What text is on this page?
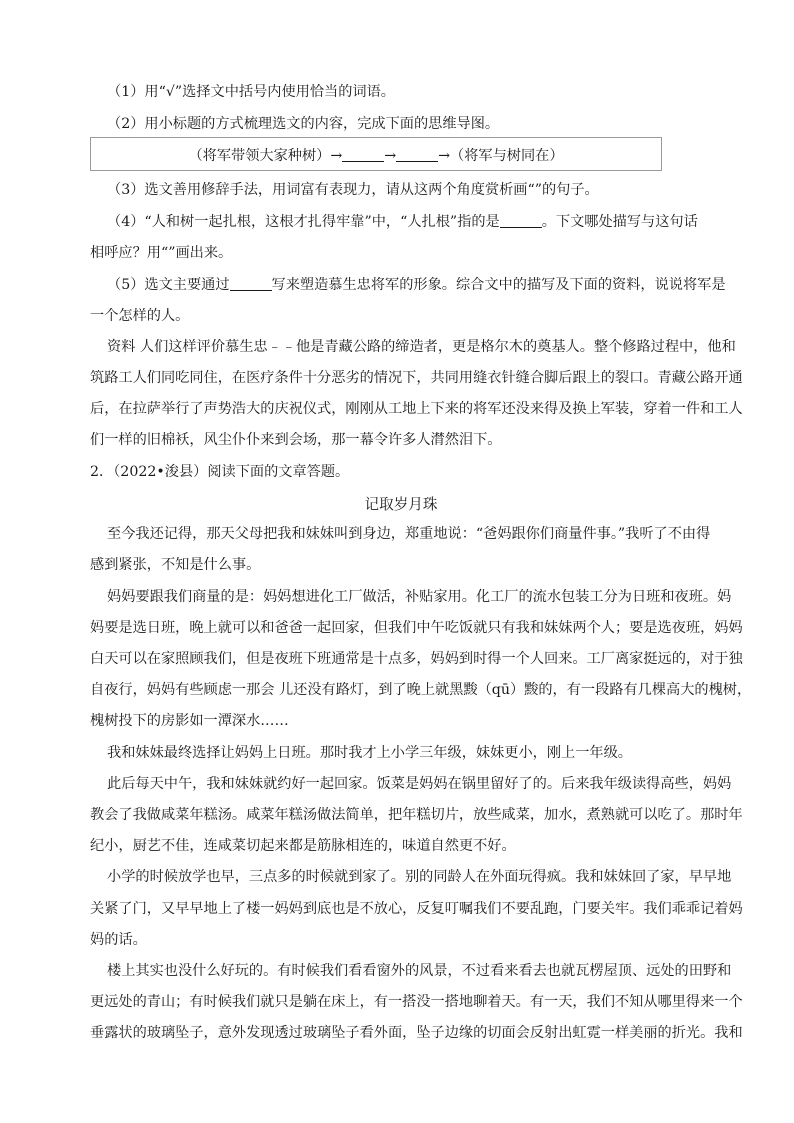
（1）用“√”选择文中括号内使用恰当的词语。
（2）用小标题的方式梳理选文的内容，完成下面的思维导图。
（将军带领大家种树）→	→	→（将军与树同在）
（3）选文善用修辞手法，用词富有表现力，请从这两个角度赏析画“”的句子。
（4）“人和树一起扎根，这根才扎得牢靠”中，“人扎根”指的是	。下文哪处描写与这句话
相呼应？用“”画出来。
（5）选文主要通过	写来塑造慕生忠将军的形象。综合文中的描写及下面的资料，说说将军是
一个怎样的人。
资料 人们这样评价慕生忠﹣﹣他是青藏公路的缔造者，更是格尔木的奠基人。整个修路过程中，他和
筑路工人们同吃同住，在医疗条件十分恶劣的情况下，共同用缝衣针缝合脚后跟上的裂口。青藏公路开通
后，在拉萨举行了声势浩大的庆祝仪式，刚刚从工地上下来的将军还没来得及换上军装，穿着一件和工人
们一样的旧棉袄，风尘仆仆来到会场，那一幕令许多人潸然泪下。
2．（2022•浚县）阅读下面的文章答题。
记取岁月珠
至今我还记得，那天父母把我和妹妹叫到身边，郑重地说：“爸妈跟你们商量件事。”我听了不由得
感到紧张，不知是什么事。
妈妈要跟我们商量的是：妈妈想进化工厂做活，补贴家用。化工厂的流水包装工分为日班和夜班。妈
妈要是选日班，晚上就可以和爸爸一起回家，但我们中午吃饭就只有我和妹妹两个人；要是选夜班，妈妈
白天可以在家照顾我们，但是夜班下班通常是十点多，妈妈到时得一个人回来。工厂离家挺远的，对于独
自夜行，妈妈有些顾虑一那会 儿还没有路灯，到了晚上就黑黢（qū）黢的，有一段路有几棵高大的槐树，
槐树投下的房影如一潭深水……
我和妹妹最终选择让妈妈上日班。那时我才上小学三年级，妹妹更小，刚上一年级。
此后每天中午，我和妹妹就约好一起回家。饭菜是妈妈在锅里留好了的。后来我年级读得高些，妈妈
教会了我做咸菜年糕汤。咸菜年糕汤做法简单，把年糕切片，放些咸菜，加水，煮熟就可以吃了。那时年
纪小，厨艺不佳，连咸菜切起来都是筋脉相连的，味道自然更不好。
小学的时候放学也早，三点多的时候就到家了。别的同龄人在外面玩得疯。我和妹妹回了家，早早地
关紧了门，又早早地上了楼一妈妈到底也是不放心，反复叮嘱我们不要乱跑，门要关牢。我们乖乖记着妈
妈的话。
楼上其实也没什么好玩的。有时候我们看看窗外的风景，不过看来看去也就瓦楞屋顶、远处的田野和
更远处的青山；有时候我们就只是躺在床上，有一搭没一搭地聊着天。有一天，我们不知从哪里得来一个
垂露状的玻璃坠子，意外发现透过玻璃坠子看外面，坠子边缘的切面会反射出虹霓一样美丽的折光。我和
